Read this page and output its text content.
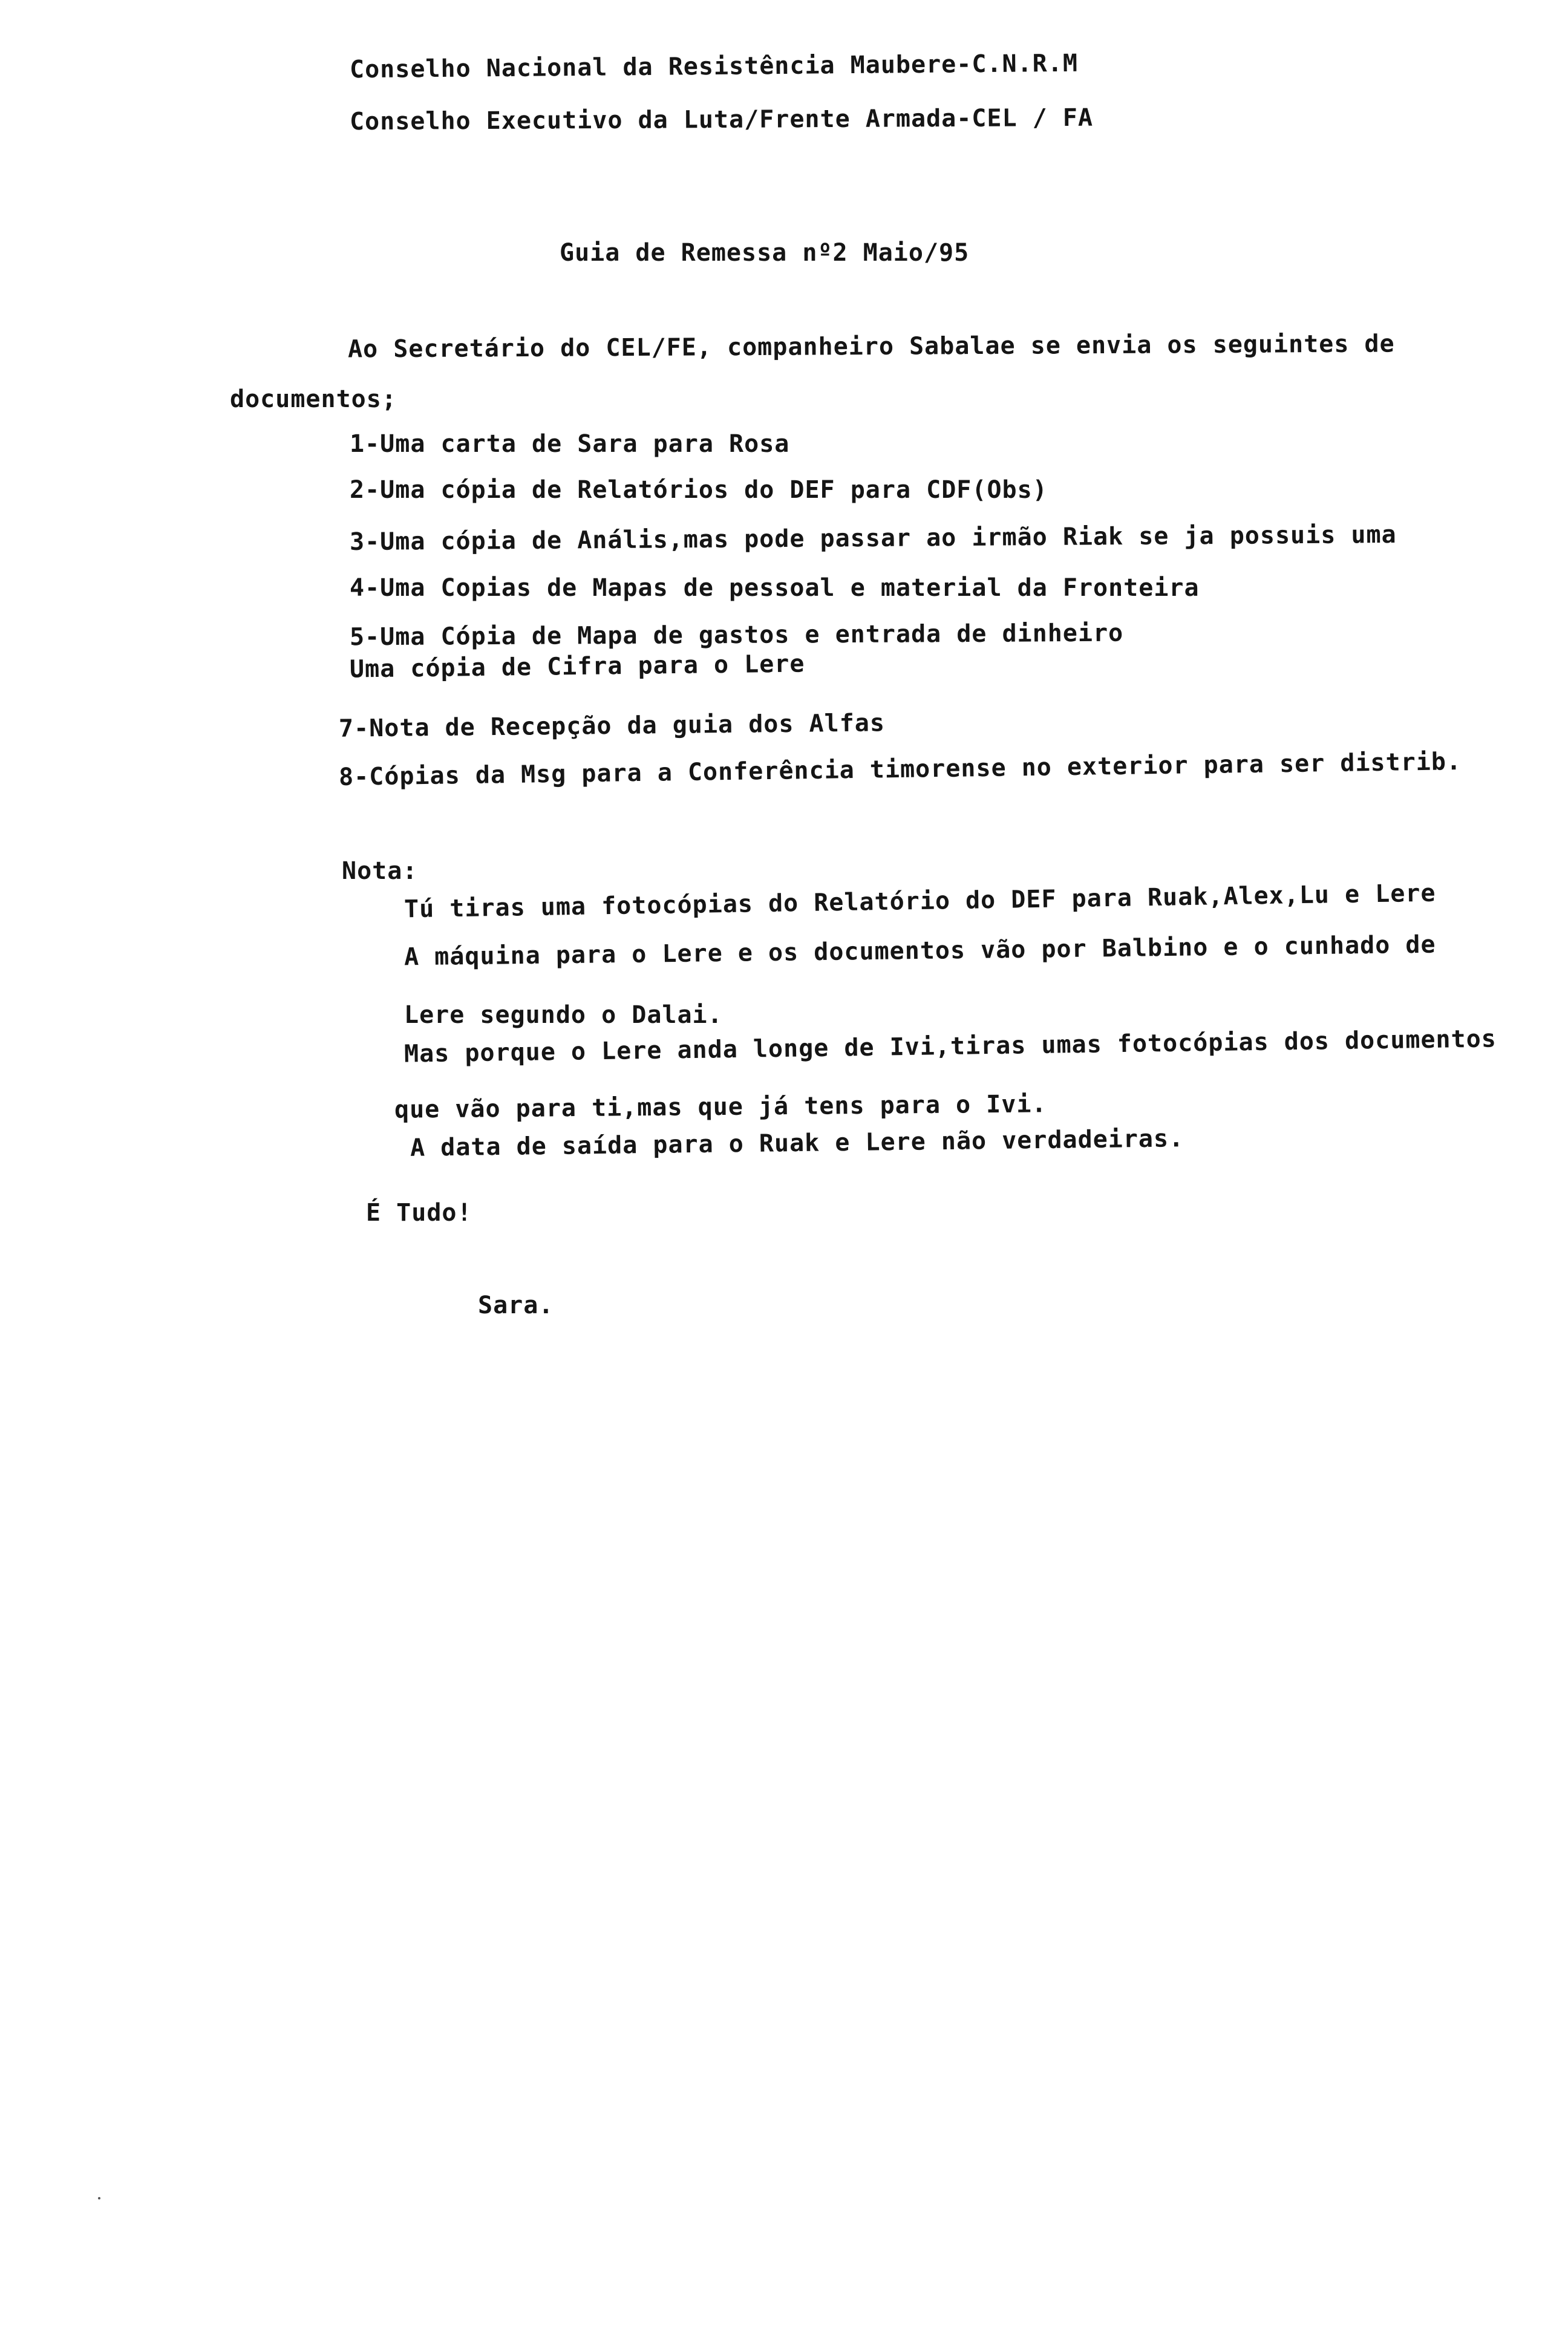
Conselho Nacional da Resistência Maubere-C.N.R.M
Conselho Executivo da Luta/Frente Armada-CEL / FA
Guia de Remessa nº2 Maio/95
Ao Secretário do CEL/FE, companheiro Sabalae se envia os seguintes de
documentos;
1-Uma carta de Sara para Rosa
2-Uma cópia de Relatórios do DEF para CDF(Obs)
3-Uma cópia de Anális,mas pode passar ao irmão Riak se ja possuis uma
4-Uma Copias de Mapas de pessoal e material da Fronteira
5-Uma Cópia de Mapa de gastos e entrada de dinheiro
Uma cópia de Cifra para o Lere
7-Nota de Recepção da guia dos Alfas
8-Cópias da Msg para a Conferência timorense no exterior para ser distrib.
Nota:
Tú tiras uma fotocópias do Relatório do DEF para Ruak,Alex,Lu e Lere
A máquina para o Lere e os documentos vão por Balbino e o cunhado de
Lere segundo o Dalai.
Mas porque o Lere anda longe de Ivi,tiras umas fotocópias dos documentos
que vão para ti,mas que já tens para o Ivi.
A data de saída para o Ruak e Lere não verdadeiras.
É Tudo!
Sara.
